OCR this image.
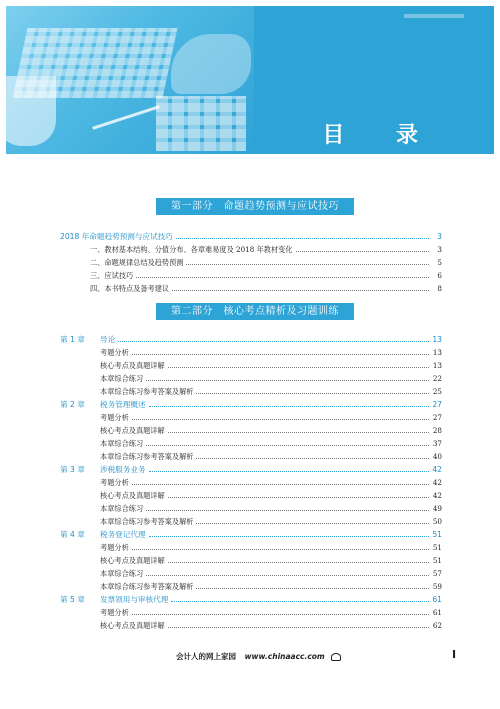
目 录
第一部分　命题趋势预测与应试技巧
2018 年命题趋势预测与应试技巧	3
一、教材基本结构、分值分布、各章难易度及 2018 年教材变化	3
二、命题规律总结及趋势预测	5
三、应试技巧	6
四、本书特点及备考建议	8
第二部分　核心考点精析及习题训练
第 1 章	导论	13
考题分析	13
核心考点及真题详解	13
本章综合练习	22
本章综合练习参考答案及解析	25
第 2 章	税务管理概述	27
考题分析	27
核心考点及真题详解	28
本章综合练习	37
本章综合练习参考答案及解析	40
第 3 章	涉税服务业务	42
考题分析	42
核心考点及真题详解	42
本章综合练习	49
本章综合练习参考答案及解析	50
第 4 章	税务登记代理	51
考题分析	51
核心考点及真题详解	51
本章综合练习	57
本章综合练习参考答案及解析	59
第 5 章	发票领用与审核代理	61
考题分析	61
核心考点及真题详解	62
会计人的网上家园 www.chinaacc.com	I
